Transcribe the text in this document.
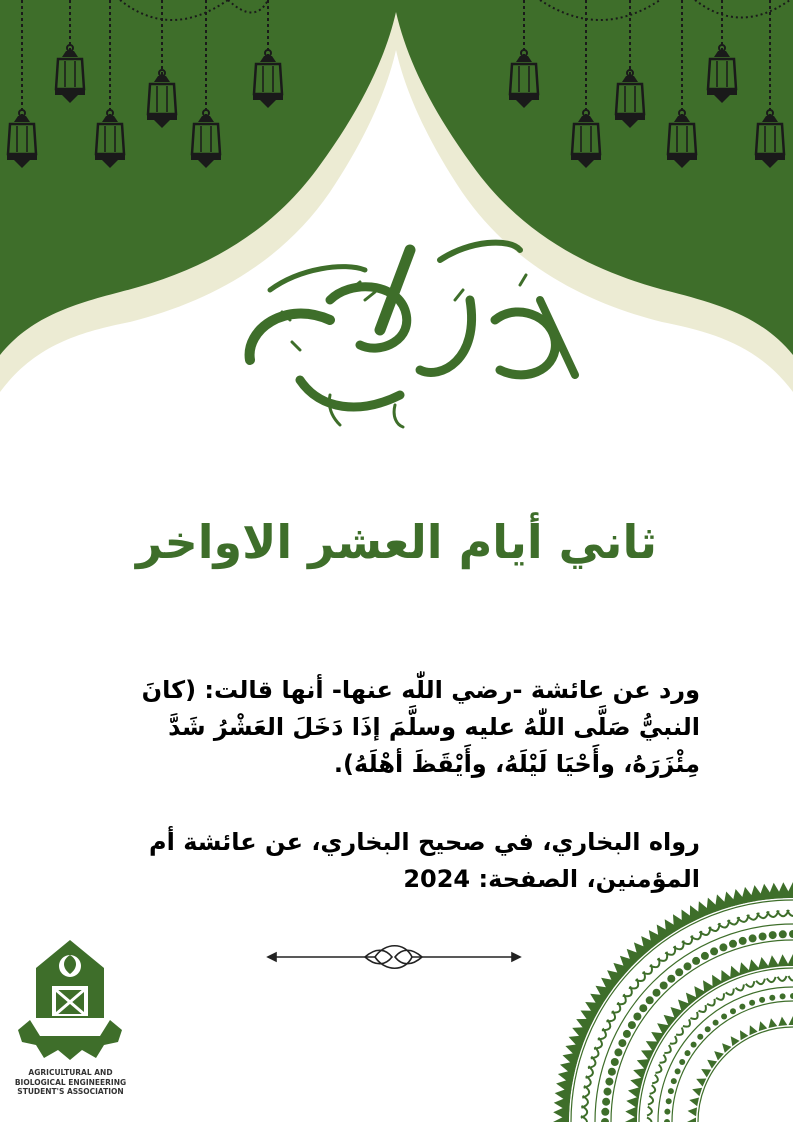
ثاني أيام العشر الاواخر
ورد عن عائشة -رضي اللّٰه عنها- أنها قالت: (كانَ
النبيُّ صَلَّى اللّٰهُ عليه وسلَّمَ إذَا دَخَلَ العَشْرُ شَدَّ
مِئْزَرَهُ، وأَحْيَا لَيْلَهُ، وأَيْقَظَ أهْلَهُ).
رواه البخاري، في صحيح البخاري، عن عائشة أم
المؤمنين، الصفحة: 2024
AGRICULTURAL AND
BIOLOGICAL ENGINEERING
STUDENT'S ASSOCIATION
